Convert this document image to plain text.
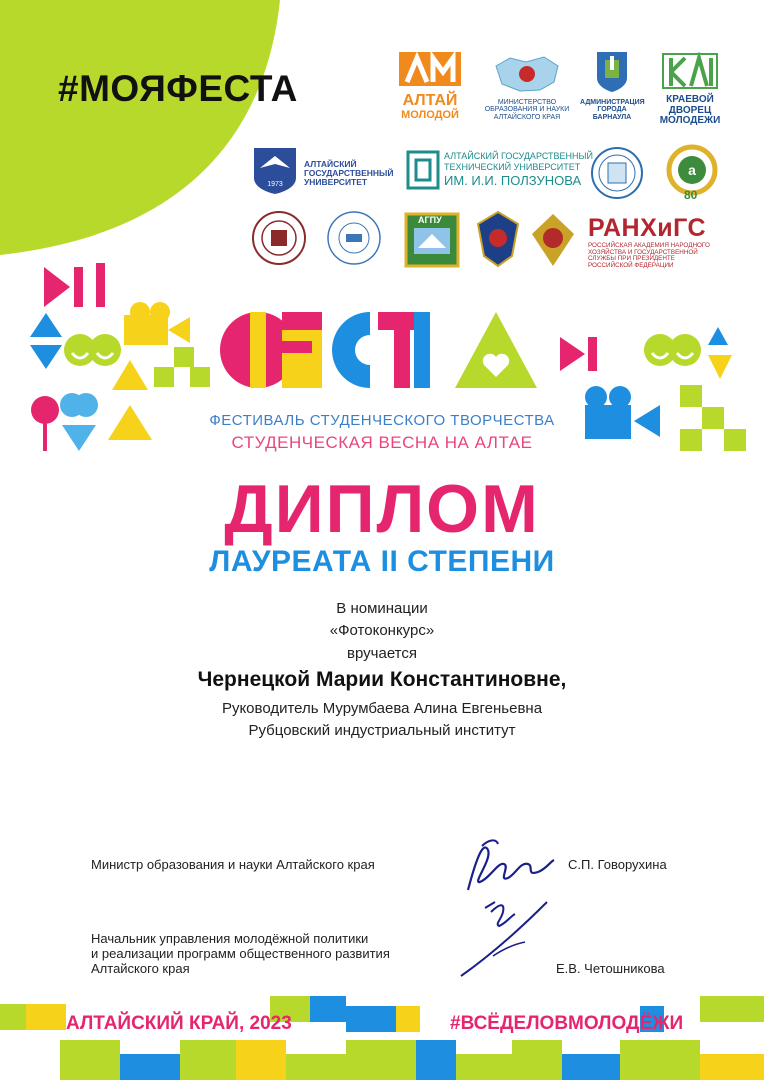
#МОЯФЕСТА	АЛТАЙ
МОЛОДОЙ
МИНИСТЕРСТВО ОБРАЗОВАНИЯ И НАУКИ АЛТАЙСКОГО КРАЯ
АДМИНИСТРАЦИЯ ГОРОДА БАРНАУЛА
КРАЕВОЙ ДВОРЕЦ МОЛОДЕЖИ
1973
АЛТАЙСКИЙ ГОСУДАРСТВЕННЫЙ УНИВЕРСИТЕТ
АЛТАЙСКИЙ ГОСУДАРСТВЕННЫЙ
ТЕХНИЧЕСКИЙ УНИВЕРСИТЕТ
ИМ. И.И. ПОЛЗУНОВА
а
80
АГПУ	РАНХиГС
РОССИЙСКАЯ АКАДЕМИЯ НАРОДНОГО ХОЗЯЙСТВА И ГОСУДАРСТВЕННОЙ СЛУЖБЫ ПРИ ПРЕЗИДЕНТЕ РОССИЙСКОЙ ФЕДЕРАЦИИ
ФЕСТИВАЛЬ СТУДЕНЧЕСКОГО ТВОРЧЕСТВА
СТУДЕНЧЕСКАЯ ВЕСНА НА АЛТАЕ
ДИПЛОМ
ЛАУРЕАТА II СТЕПЕНИ
В номинации
«Фотоконкурс»
вручается
Чернецкой Марии Константиновне,
Руководитель Мурумбаева Алина Евгеньевна
Рубцовский индустриальный институт
Министр образования и науки Алтайского края	С.П. Говорухина
Начальник управления молодёжной политики
и реализации программ общественного развития
Алтайского края	Е.В. Четошникова
АЛТАЙСКИЙ КРАЙ, 2023	#ВСЁДЕЛОВМОЛОДЁЖИ
